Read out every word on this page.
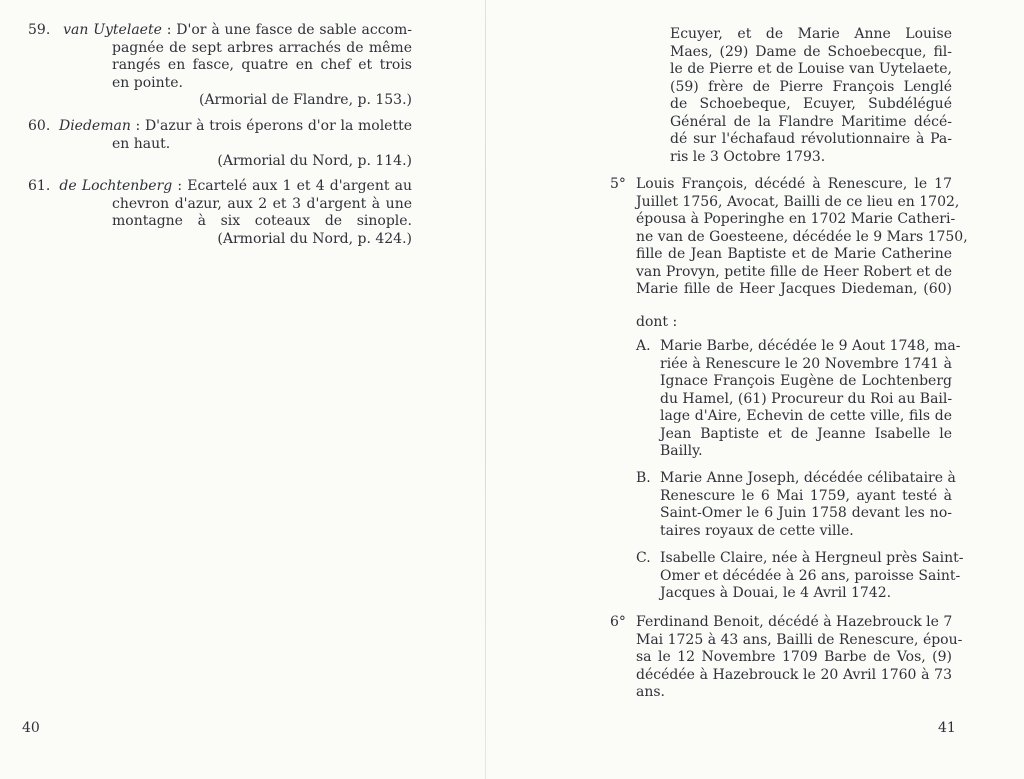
59. van Uytelaete : D'or à une fasce de sable accom-
pagnée de sept arbres arrachés de même
rangés en fasce, quatre en chef et trois
en pointe.
(Armorial de Flandre, p. 153.)
60. Diedeman : D'azur à trois éperons d'or la molette
en haut.
(Armorial du Nord, p. 114.)
61. de Lochtenberg : Ecartelé aux 1 et 4 d'argent au
chevron d'azur, aux 2 et 3 d'argent à une
montagne à six coteaux de sinople.
(Armorial du Nord, p. 424.)
40
Ecuyer, et de Marie Anne Louise
Maes, (29) Dame de Schoebecque, fil-
le de Pierre et de Louise van Uytelaete,
(59) frère de Pierre François Lenglé
de Schoebeque, Ecuyer, Subdélégué
Général de la Flandre Maritime décé-
dé sur l'échafaud révolutionnaire à Pa-
ris le 3 Octobre 1793.
5° Louis François, décédé à Renescure, le 17
Juillet 1756, Avocat, Bailli de ce lieu en 1702,
épousa à Poperinghe en 1702 Marie Catheri-
ne van de Goesteene, décédée le 9 Mars 1750,
fille de Jean Baptiste et de Marie Catherine
van Provyn, petite fille de Heer Robert et de
Marie fille de Heer Jacques Diedeman, (60)
dont :
A. Marie Barbe, décédée le 9 Aout 1748, ma-
riée à Renescure le 20 Novembre 1741 à
Ignace François Eugène de Lochtenberg
du Hamel, (61) Procureur du Roi au Bail-
lage d'Aire, Echevin de cette ville, fils de
Jean Baptiste et de Jeanne Isabelle le
Bailly.
B. Marie Anne Joseph, décédée célibataire à
Renescure le 6 Mai 1759, ayant testé à
Saint-Omer le 6 Juin 1758 devant les no-
taires royaux de cette ville.
C. Isabelle Claire, née à Hergneul près Saint-
Omer et décédée à 26 ans, paroisse Saint-
Jacques à Douai, le 4 Avril 1742.
6° Ferdinand Benoit, décédé à Hazebrouck le 7
Mai 1725 à 43 ans, Bailli de Renescure, épou-
sa le 12 Novembre 1709 Barbe de Vos, (9)
décédée à Hazebrouck le 20 Avril 1760 à 73
ans.
41
